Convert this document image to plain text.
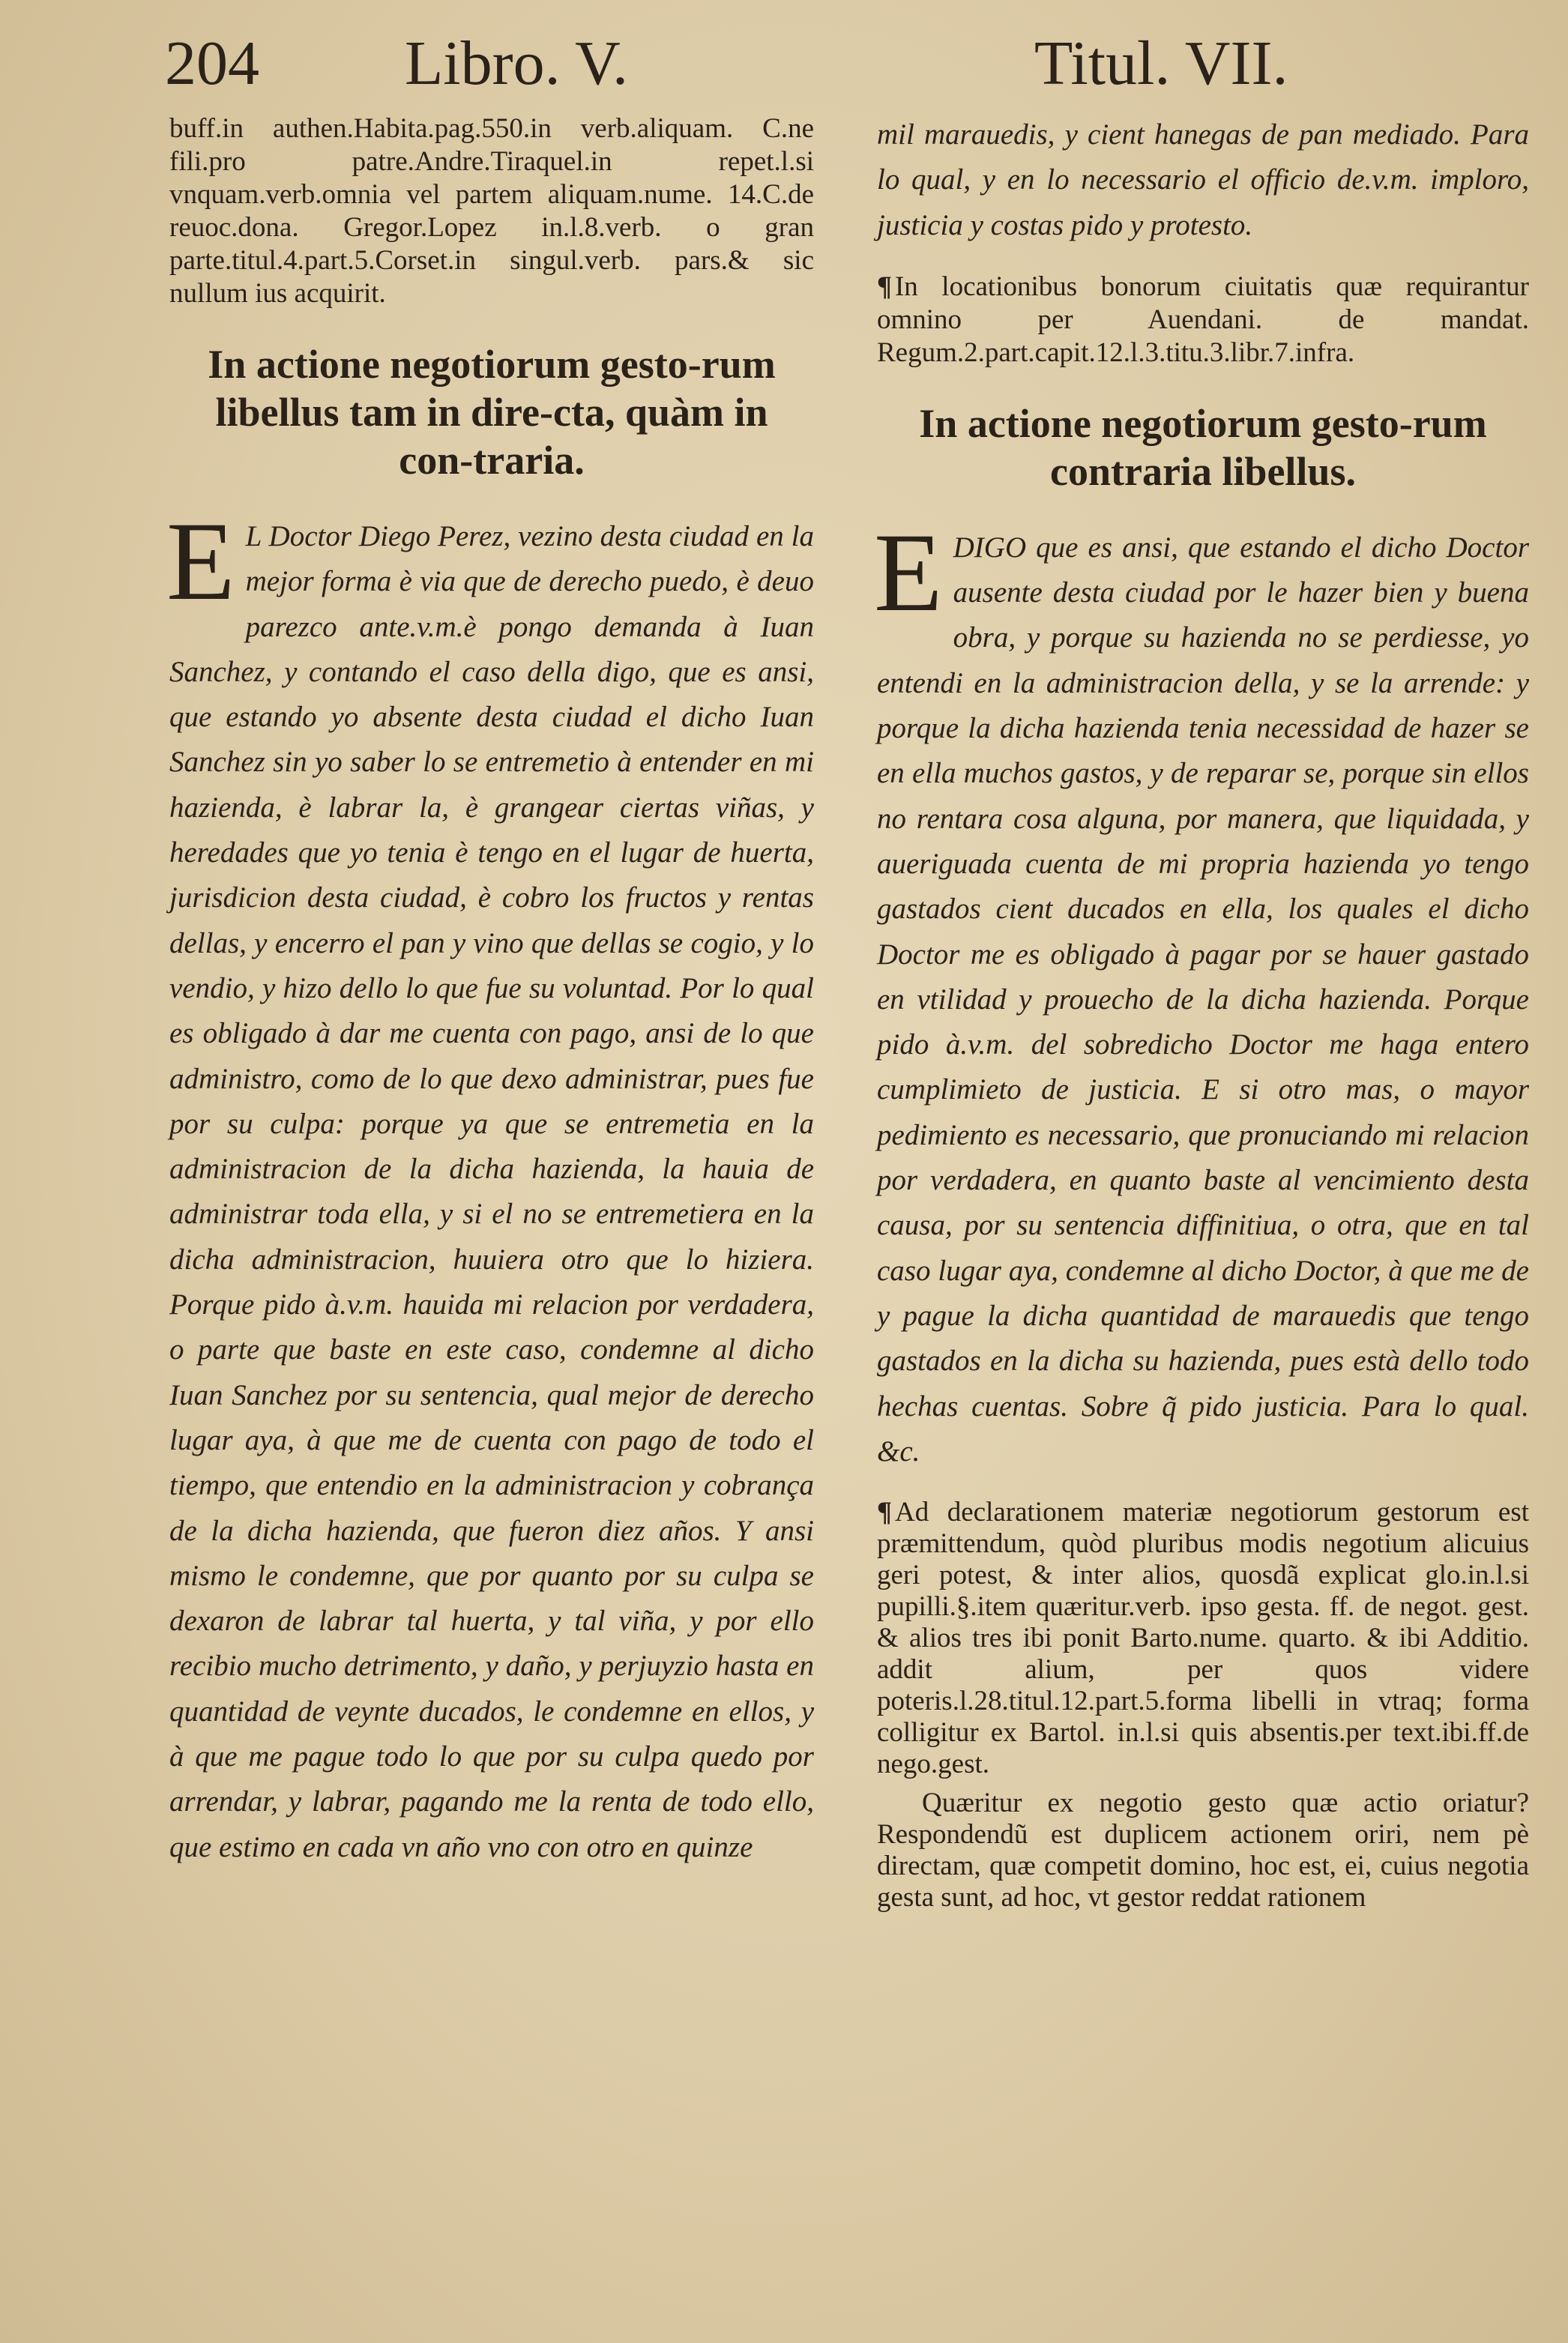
204 Libro. V.	Titul. VII.

buff.in authen.Habita.pag.550.in verb.aliquam. C.ne fili.pro patre.Andre.Tiraquel.in repet.l.si vnquam.verb.omnia vel partem aliquam.nume. 14.C.de reuoc.dona. Gregor.Lopez in.l.8.verb. o gran parte.titul.4.part.5.Corset.in singul.verb. pars.& sic nullum ius acquirit.

In actione negotiorum gesto-rum libellus tam in dire-cta, quàm in con-traria.

E L Doctor Diego Perez, vezino desta ciudad en la mejor forma è via que de derecho puedo, è deuo parezco ante.v.m.è pongo demanda à Iuan Sanchez, y contando el caso della digo, que es ansi, que estando yo absente desta ciudad el dicho Iuan Sanchez sin yo saber lo se entremetio à entender en mi hazienda, è labrar la, è grangear ciertas viñas, y heredades que yo tenia è tengo en el lugar de huerta, jurisdicion desta ciudad, è cobro los fructos y rentas dellas, y encerro el pan y vino que dellas se cogio, y lo vendio, y hizo dello lo que fue su voluntad. Por lo qual es obligado à dar me cuenta con pago, ansi de lo que administro, como de lo que dexo administrar, pues fue por su culpa: porque ya que se entremetia en la administracion de la dicha hazienda, la hauia de administrar toda ella, y si el no se entremetiera en la dicha administracion, huuiera otro que lo hiziera. Porque pido à.v.m. hauida mi relacion por verdadera, o parte que baste en este caso, condemne al dicho Iuan Sanchez por su sentencia, qual mejor de derecho lugar aya, à que me de cuenta con pago de todo el tiempo, que entendio en la administracion y cobrança de la dicha hazienda, que fueron diez años. Y ansi mismo le condemne, que por quanto por su culpa se dexaron de labrar tal huerta, y tal viña, y por ello recibio mucho detrimento, y daño, y perjuyzio hasta en quantidad de veynte ducados, le condemne en ellos, y à que me pague todo lo que por su culpa quedo por arrendar, y labrar, pagando me la renta de todo ello, que estimo en cada vn año vno con otro en quinze

mil marauedis, y cient hanegas de pan mediado. Para lo qual, y en lo necessario el officio de.v.m. imploro, justicia y costas pido y protesto.

¶ In locationibus bonorum ciuitatis quæ requirantur omnino per Auendani. de mandat. Regum.2.part.capit.12.l.3.titu.3.libr.7.infra.

In actione negotiorum gesto-rum contraria libellus.

EDIGO que es ansi, que estando el dicho Doctor ausente desta ciudad por le hazer bien y buena obra, y porque su hazienda no se perdiesse, yo entendi en la administracion della, y se la arrende: y porque la dicha hazienda tenia necessidad de hazer se en ella muchos gastos, y de reparar se, porque sin ellos no rentara cosa alguna, por manera, que liquidada, y aueriguada cuenta de mi propria hazienda yo tengo gastados cient ducados en ella, los quales el dicho Doctor me es obligado à pagar por se hauer gastado en vtilidad y prouecho de la dicha hazienda. Porque pido à.v.m. del sobredicho Doctor me haga entero cumplimieto de justicia. E si otro mas, o mayor pedimiento es necessario, que pronuciando mi relacion por verdadera, en quanto baste al vencimiento desta causa, por su sentencia diffinitiua, o otra, que en tal caso lugar aya, condemne al dicho Doctor, à que me de y pague la dicha quantidad de marauedis que tengo gastados en la dicha su hazienda, pues està dello todo hechas cuentas. Sobre q̃ pido justicia. Para lo qual. &c.

¶ Ad declarationem materiæ negotiorum gestorum est præmittendum, quòd pluribus modis negotium alicuius geri potest, & inter alios, quosdã explicat glo.in.l.si pupilli.§.item quæritur.verb. ipso gesta. ff. de negot. gest. & alios tres ibi ponit Barto.nume. quarto. & ibi Additio. addit alium, per quos videre poteris.l.28.titul.12.part.5.forma libelli in vtraq; forma colligitur ex Bartol. in.l.si quis absentis.per text.ibi.ff.de nego.gest.

Quæritur ex negotio gesto quæ actio oriatur? Respondendũ est duplicem actionem oriri, nem pè directam, quæ competit domino, hoc est, ei, cuius negotia gesta sunt, ad hoc, vt gestor reddat rationem
